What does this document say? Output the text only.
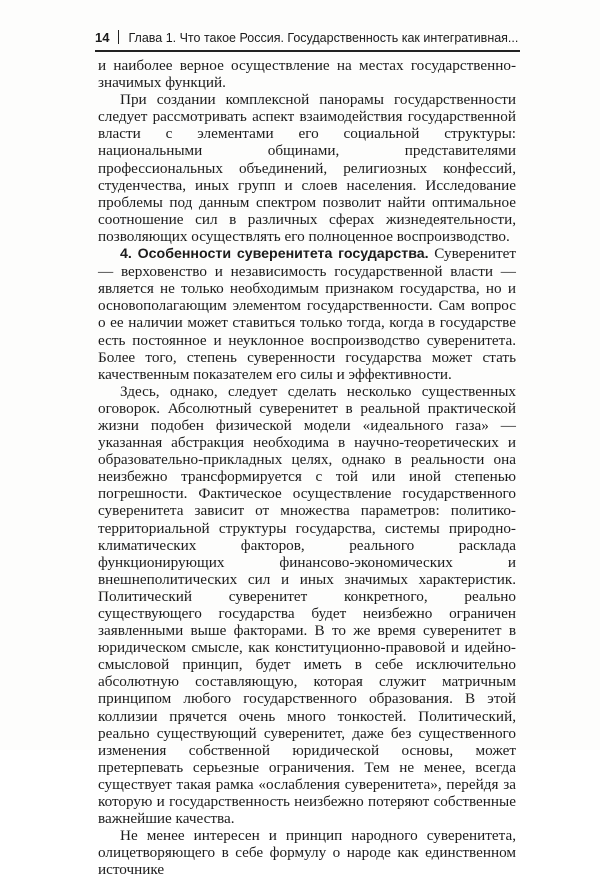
14 Глава 1. Что такое Россия. Государственность как интегративная...

и наиболее верное осуществление на местах государственно-значимых функций.

При создании комплексной панорамы государственности следует рассмотривать аспект взаимодействия государственной власти с элементами его социальной структуры: национальными общинами, представителями профессиональных объединений, религиозных конфессий, студенчества, иных групп и слоев населения. Исследование проблемы под данным спектром позволит найти оптимальное соотношение сил в различных сферах жизнедеятельности, позволяющих осуществлять его полноценное воспроизводство.

4. Особенности суверенитета государства. Суверенитет — верховенство и независимость государственной власти — является не только необходимым признаком государства, но и основополагающим элементом государственности. Сам вопрос о ее наличии может ставиться только тогда, когда в государстве есть постоянное и неуклонное воспроизводство суверенитета. Более того, степень суверенности государства может стать качественным показателем его силы и эффективности.

Здесь, однако, следует сделать несколько существенных оговорок. Абсолютный суверенитет в реальной практической жизни подобен физической модели «идеального газа» — указанная абстракция необходима в научно-теоретических и образовательно-прикладных целях, однако в реальности она неизбежно трансформируется с той или иной степенью погрешности. Фактическое осуществление государственного суверенитета зависит от множества параметров: политико-территориальной структуры государства, системы природно-климатических факторов, реального расклада функционирующих финансово-экономических и внешнеполитических сил и иных значимых характеристик. Политический суверенитет конкретного, реально существующего государства будет неизбежно ограничен заявленными выше факторами. В то же время суверенитет в юридическом смысле, как конституционно-правовой и идейно-смысловой принцип, будет иметь в себе исключительно абсолютную составляющую, которая служит матричным принципом любого государственного образования. В этой коллизии прячется очень много тонкостей. Политический, реально существующий суверенитет, даже без существенного изменения собственной юридической основы, может претерпевать серьезные ограничения. Тем не менее, всегда существует такая рамка «ослабления суверенитета», перейдя за которую и государственность неизбежно потеряют собственные важнейшие качества.

Не менее интересен и принцип народного суверенитета, олицетворяющего в себе формулу о народе как единственном источнике
